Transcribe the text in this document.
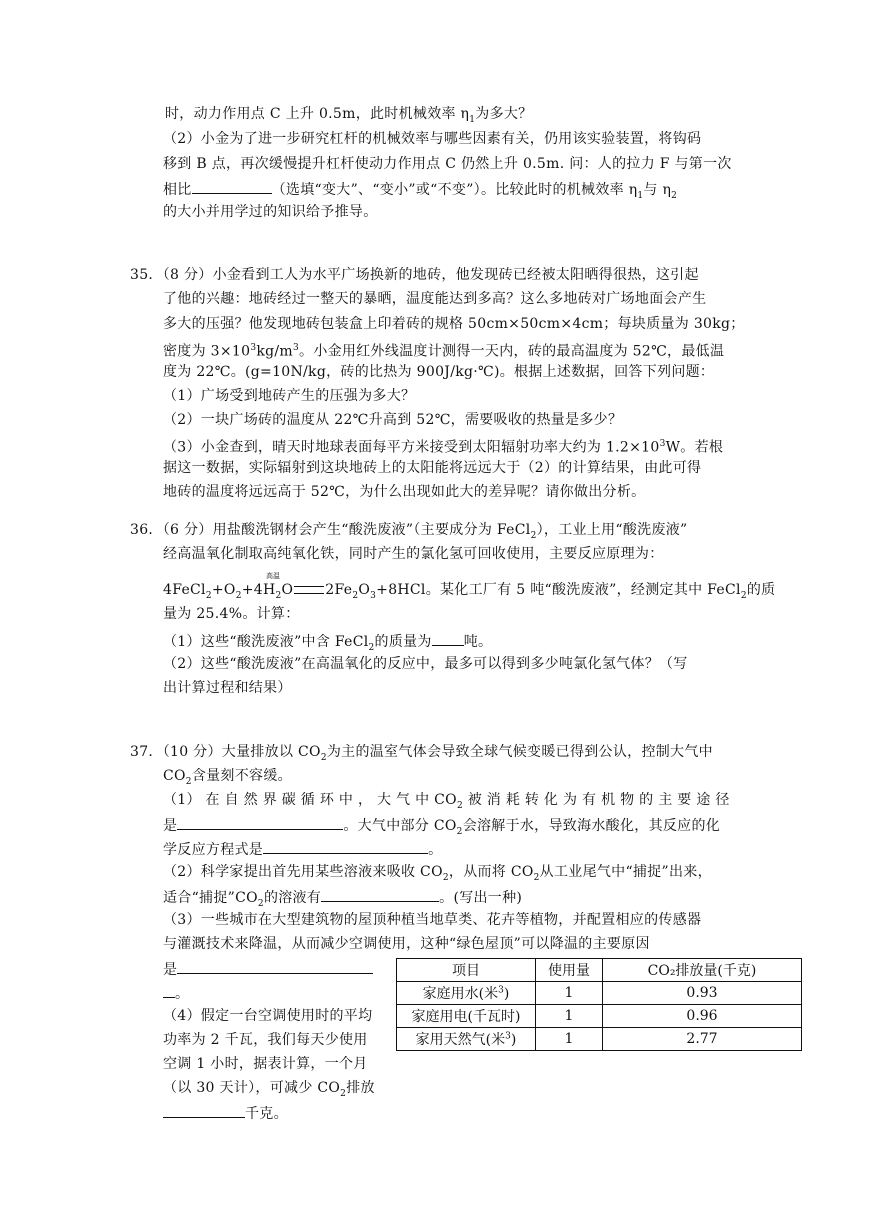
时，动力作用点 C 上升 0.5m，此时机械效率 $\eta_1$为多大？
（2）小金为了进一步研究杠杆的机械效率与哪些因素有关，仍用该实验装置，将钩码
移到 B 点，再次缓慢提升杠杆使动力作用点 C 仍然上升 0.5m. 问：人的拉力 F 与第一次
相比	（选填“变大”、“变小”或“不变”）。比较此时的机械效率 $\eta_1$与 $\eta_2$
的大小并用学过的知识给予推导。
35．（8 分）小金看到工人为水平广场换新的地砖，他发现砖已经被太阳晒得很热，这引起
了他的兴趣：地砖经过一整天的暴晒，温度能达到多高？这么多地砖对广场地面会产生
多大的压强？他发现地砖包装盒上印着砖的规格 50cm×50cm×4cm；每块质量为 30kg；
密度为 $3\times 10^3kg/m^3$。小金用红外线温度计测得一天内，砖的最高温度为 52℃，最低温
度为 22℃。(g=10N/kg，砖的比热为 900J/kg·℃)。根据上述数据，回答下列问题：
（1）广场受到地砖产生的压强为多大？
（2）一块广场砖的温度从 22℃升高到 52℃，需要吸收的热量是多少？
（3）小金查到，晴天时地球表面每平方米接受到太阳辐射功率大约为 $1.2\times 10^3W$。若根
据这一数据，实际辐射到这块地砖上的太阳能将远远大于（2）的计算结果，由此可得
地砖的温度将远远高于 52℃，为什么出现如此大的差异呢？请你做出分析。
36．（6 分）用盐酸洗钢材会产生“酸洗废液”（主要成分为 FeCl$_2$），工业上用“酸洗废液”
经高温氧化制取高纯氧化铁，同时产生的氯化氢可回收使用，主要反应原理为：
高温
$4FeCl_2+O_2+4H_2O$ $2Fe_2O_3+8HCl$。某化工厂有 5 吨“酸洗废液”，经测定其中 FeCl$_2$的质
量为 25.4%。计算：
（1）这些“酸洗废液”中含 FeCl$_2$的质量为 吨。
（2）这些“酸洗废液”在高温氧化的反应中，最多可以得到多少吨氯化氢气体？（写
出计算过程和结果）
37．（10 分）大量排放以 $CO_2$为主的温室气体会导致全球气候变暖已得到公认，控制大气中
$CO_2$含量刻不容缓。
（1） 在 自 然 界 碳 循 环 中 ， 大 气 中 $CO_2$ 被 消 耗 转 化 为 有 机 物 的 主 要 途 径
是	。大气中部分 $CO_2$会溶解于水，导致海水酸化，其反应的化
学反应方程式是	。
（2）科学家提出首先用某些溶液来吸收 $CO_2$，从而将 $CO_2$从工业尾气中“捕捉”出来，
适合“捕捉$”CO_2$的溶液有	。(写出一种)
（3）一些城市在大型建筑物的屋顶种植当地草类、花卉等植物，并配置相应的传感器
与灌溉技术来降温，从而减少空调使用，这种“绿色屋顶”可以降温的主要原因
是
。
（4）假定一台空调使用时的平均
功率为 2 千瓦，我们每天少使用
空调 1 小时，据表计算，一个月
（以 30 天计），可减少 $CO_2$排放
千克。
项目	使用量	CO₂排放量(千克)
家庭用水(米$^3$)	1	0.93
家庭用电(千瓦时)	1	0.96
家用天然气(米$^3$)	1	2.77
